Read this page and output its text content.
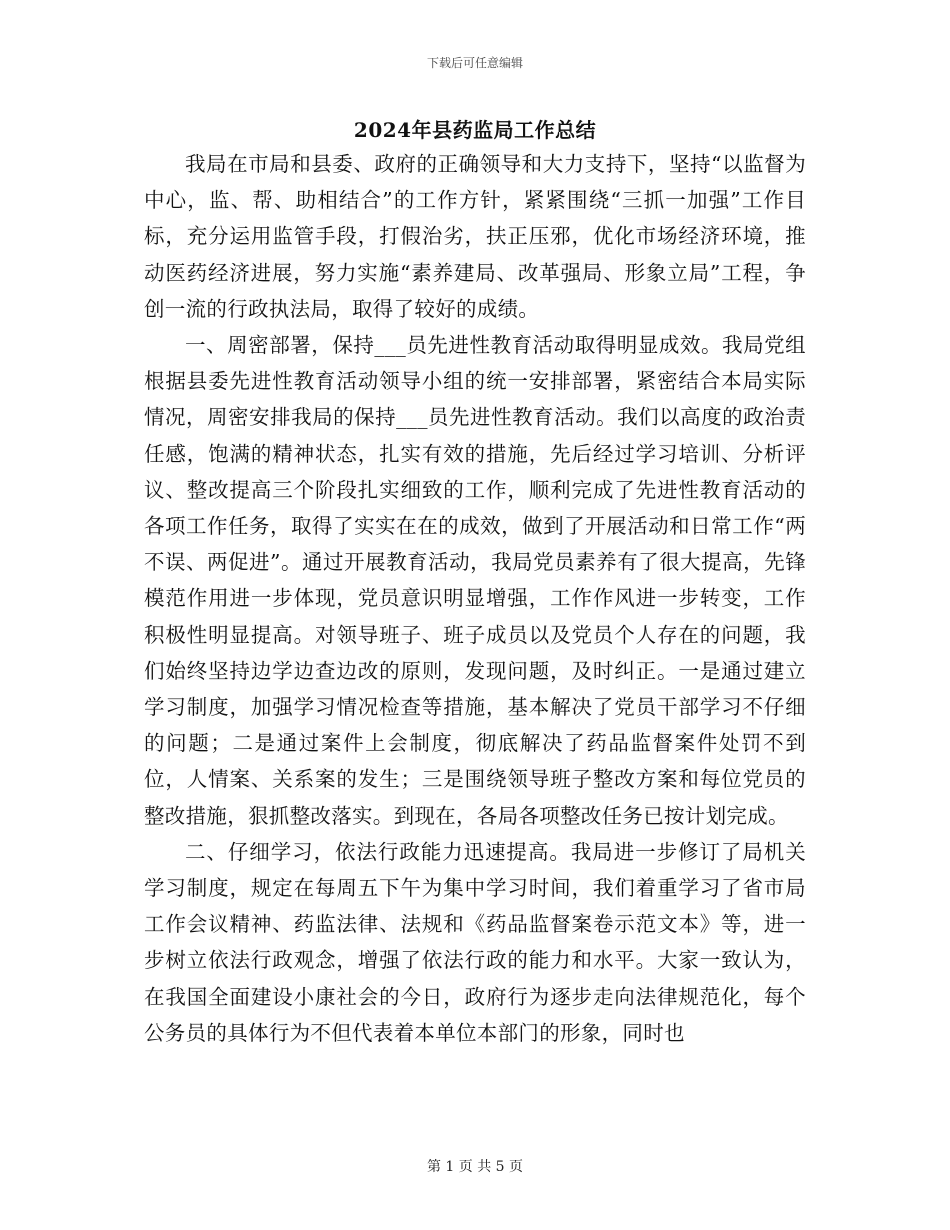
下载后可任意编辑
2024年县药监局工作总结

我局在市局和县委、政府的正确领导和大力支持下，坚持“以监督为中心，监、帮、助相结合”的工作方针，紧紧围绕“三抓一加强”工作目标，充分运用监管手段，打假治劣，扶正压邪，优化市场经济环境，推动医药经济进展，努力实施“素养建局、改革强局、形象立局”工程，争创一流的行政执法局，取得了较好的成绩。

一、周密部署，保持___员先进性教育活动取得明显成效。我局党组根据县委先进性教育活动领导小组的统一安排部署，紧密结合本局实际情况，周密安排我局的保持___员先进性教育活动。我们以高度的政治责任感，饱满的精神状态，扎实有效的措施，先后经过学习培训、分析评议、整改提高三个阶段扎实细致的工作，顺利完成了先进性教育活动的各项工作任务，取得了实实在在的成效，做到了开展活动和日常工作“两不误、两促进”。通过开展教育活动，我局党员素养有了很大提高，先锋模范作用进一步体现，党员意识明显增强，工作作风进一步转变，工作积极性明显提高。对领导班子、班子成员以及党员个人存在的问题，我们始终坚持边学边查边改的原则，发现问题，及时纠正。一是通过建立学习制度，加强学习情况检查等措施，基本解决了党员干部学习不仔细的问题；二是通过案件上会制度，彻底解决了药品监督案件处罚不到位，人情案、关系案的发生；三是围绕领导班子整改方案和每位党员的整改措施，狠抓整改落实。到现在，各局各项整改任务已按计划完成。

二、仔细学习，依法行政能力迅速提高。我局进一步修订了局机关学习制度，规定在每周五下午为集中学习时间，我们着重学习了省市局工作会议精神、药监法律、法规和《药品监督案卷示范文本》等，进一步树立依法行政观念，增强了依法行政的能力和水平。大家一致认为，在我国全面建设小康社会的今日，政府行为逐步走向法律规范化，每个公务员的具体行为不但代表着本单位本部门的形象，同时也

第 1 页 共 5 页
